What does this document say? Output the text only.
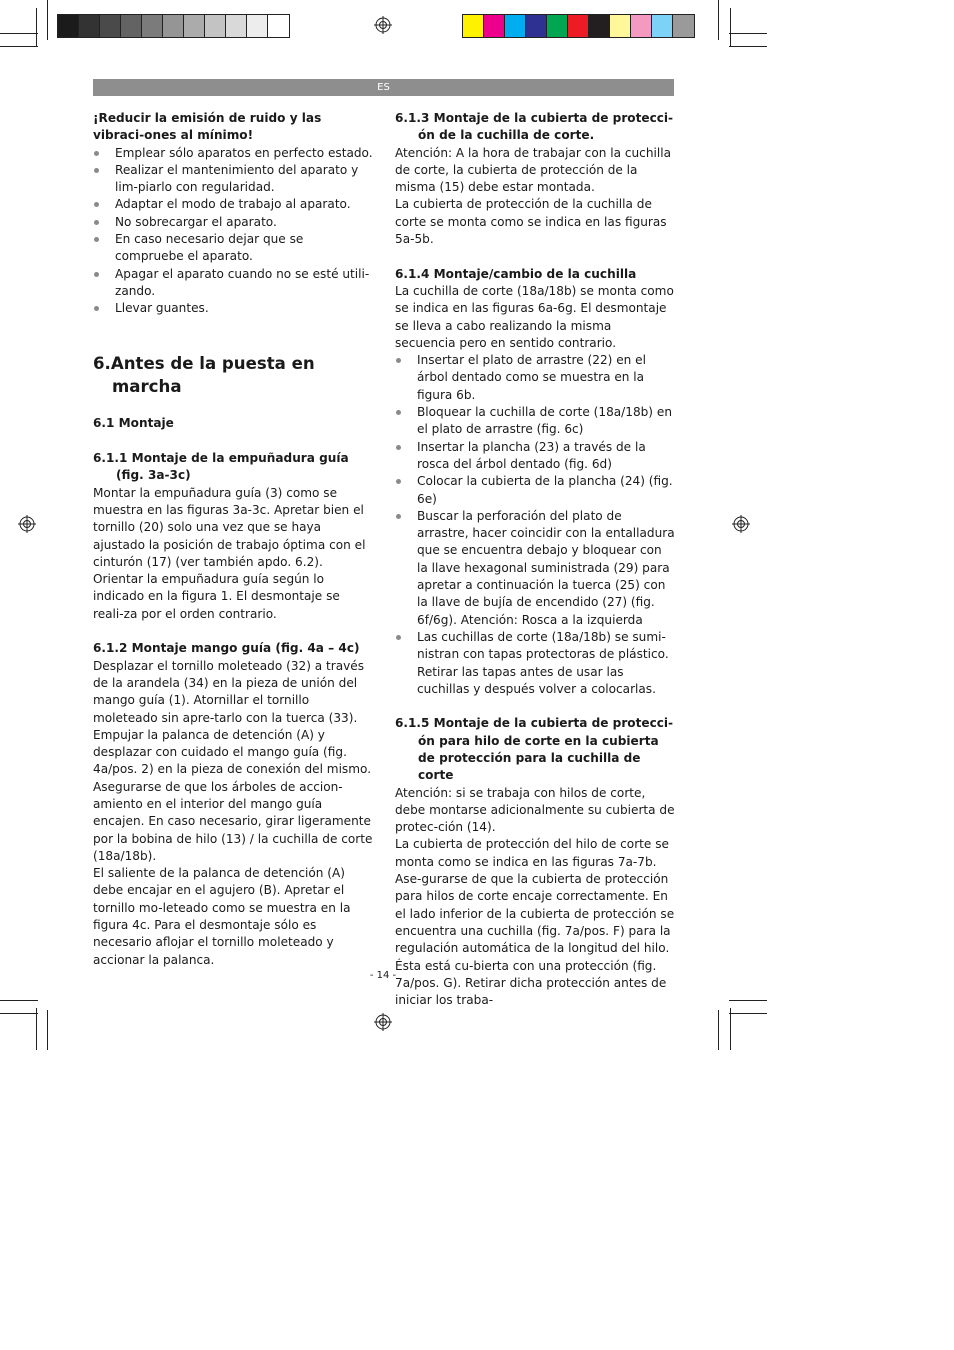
ES

¡Reducir la emisión de ruido y las vibraci-ones al mínimo!

Emplear sólo aparatos en perfecto estado.
Realizar el mantenimiento del aparato y lim-piarlo con regularidad.
Adaptar el modo de trabajo al aparato.
No sobrecargar el aparato.
En caso necesario dejar que se compruebe el aparato.
Apagar el aparato cuando no se esté utili-zando.
Llevar guantes.

6.Antes de la puesta en marcha

6.1 Montaje

6.1.1 Montaje de la empuñadura guía (fig. 3a-3c)

Montar la empuñadura guía (3) como se muestra en las figuras 3a-3c. Apretar bien el tornillo (20) solo una vez que se haya ajustado la posición de trabajo óptima con el cinturón (17) (ver también apdo. 6.2). Orientar la empuñadura guía según lo indicado en la figura 1. El desmontaje se reali-za por el orden contrario.

6.1.2 Montaje mango guía (fig. 4a – 4c)

Desplazar el tornillo moleteado (32) a través de la arandela (34) en la pieza de unión del mango guía (1). Atornillar el tornillo moleteado sin apre-tarlo con la tuerca (33). Empujar la palanca de detención (A) y desplazar con cuidado el mango guía (fig. 4a/pos. 2) en la pieza de conexión del mismo. Asegurarse de que los árboles de accion-amiento en el interior del mango guía encajen. En caso necesario, girar ligeramente por la bobina de hilo (13) / la cuchilla de corte (18a/18b).

El saliente de la palanca de detención (A) debe encajar en el agujero (B). Apretar el tornillo mo-leteado como se muestra en la figura 4c. Para el desmontaje sólo es necesario aflojar el tornillo moleteado y accionar la palanca.

6.1.3 Montaje de la cubierta de protecci-ón de la cuchilla de corte.

Atención: A la hora de trabajar con la cuchilla de corte, la cubierta de protección de la misma (15) debe estar montada.

La cubierta de protección de la cuchilla de corte se monta como se indica en las figuras 5a-5b.

6.1.4 Montaje/cambio de la cuchilla

La cuchilla de corte (18a/18b) se monta como se indica en las figuras 6a-6g. El desmontaje se lleva a cabo realizando la misma secuencia pero en sentido contrario.

Insertar el plato de arrastre (22) en el árbol dentado como se muestra en la figura 6b.
Bloquear la cuchilla de corte (18a/18b) en el plato de arrastre (fig. 6c)
Insertar la plancha (23) a través de la rosca del árbol dentado (fig. 6d)
Colocar la cubierta de la plancha (24) (fig. 6e)
Buscar la perforación del plato de arrastre, hacer coincidir con la entalladura que se encuentra debajo y bloquear con la llave hexagonal suministrada (29) para apretar a continuación la tuerca (25) con la llave de bujía de encendido (27) (fig. 6f/6g). Atención: Rosca a la izquierda
Las cuchillas de corte (18a/18b) se sumi-nistran con tapas protectoras de plástico. Retirar las tapas antes de usar las cuchillas y después volver a colocarlas.

6.1.5 Montaje de la cubierta de protecci-ón para hilo de corte en la cubierta de protección para la cuchilla de corte

Atención: si se trabaja con hilos de corte, debe montarse adicionalmente su cubierta de protec-ción (14).

La cubierta de protección del hilo de corte se monta como se indica en las figuras 7a-7b. Ase-gurarse de que la cubierta de protección para hilos de corte encaje correctamente. En el lado inferior de la cubierta de protección se encuentra una cuchilla (fig. 7a/pos. F) para la regulación automática de la longitud del hilo. Ésta está cu-bierta con una protección (fig. 7a/pos. G). Retirar dicha protección antes de iniciar los traba-

- 14 -
